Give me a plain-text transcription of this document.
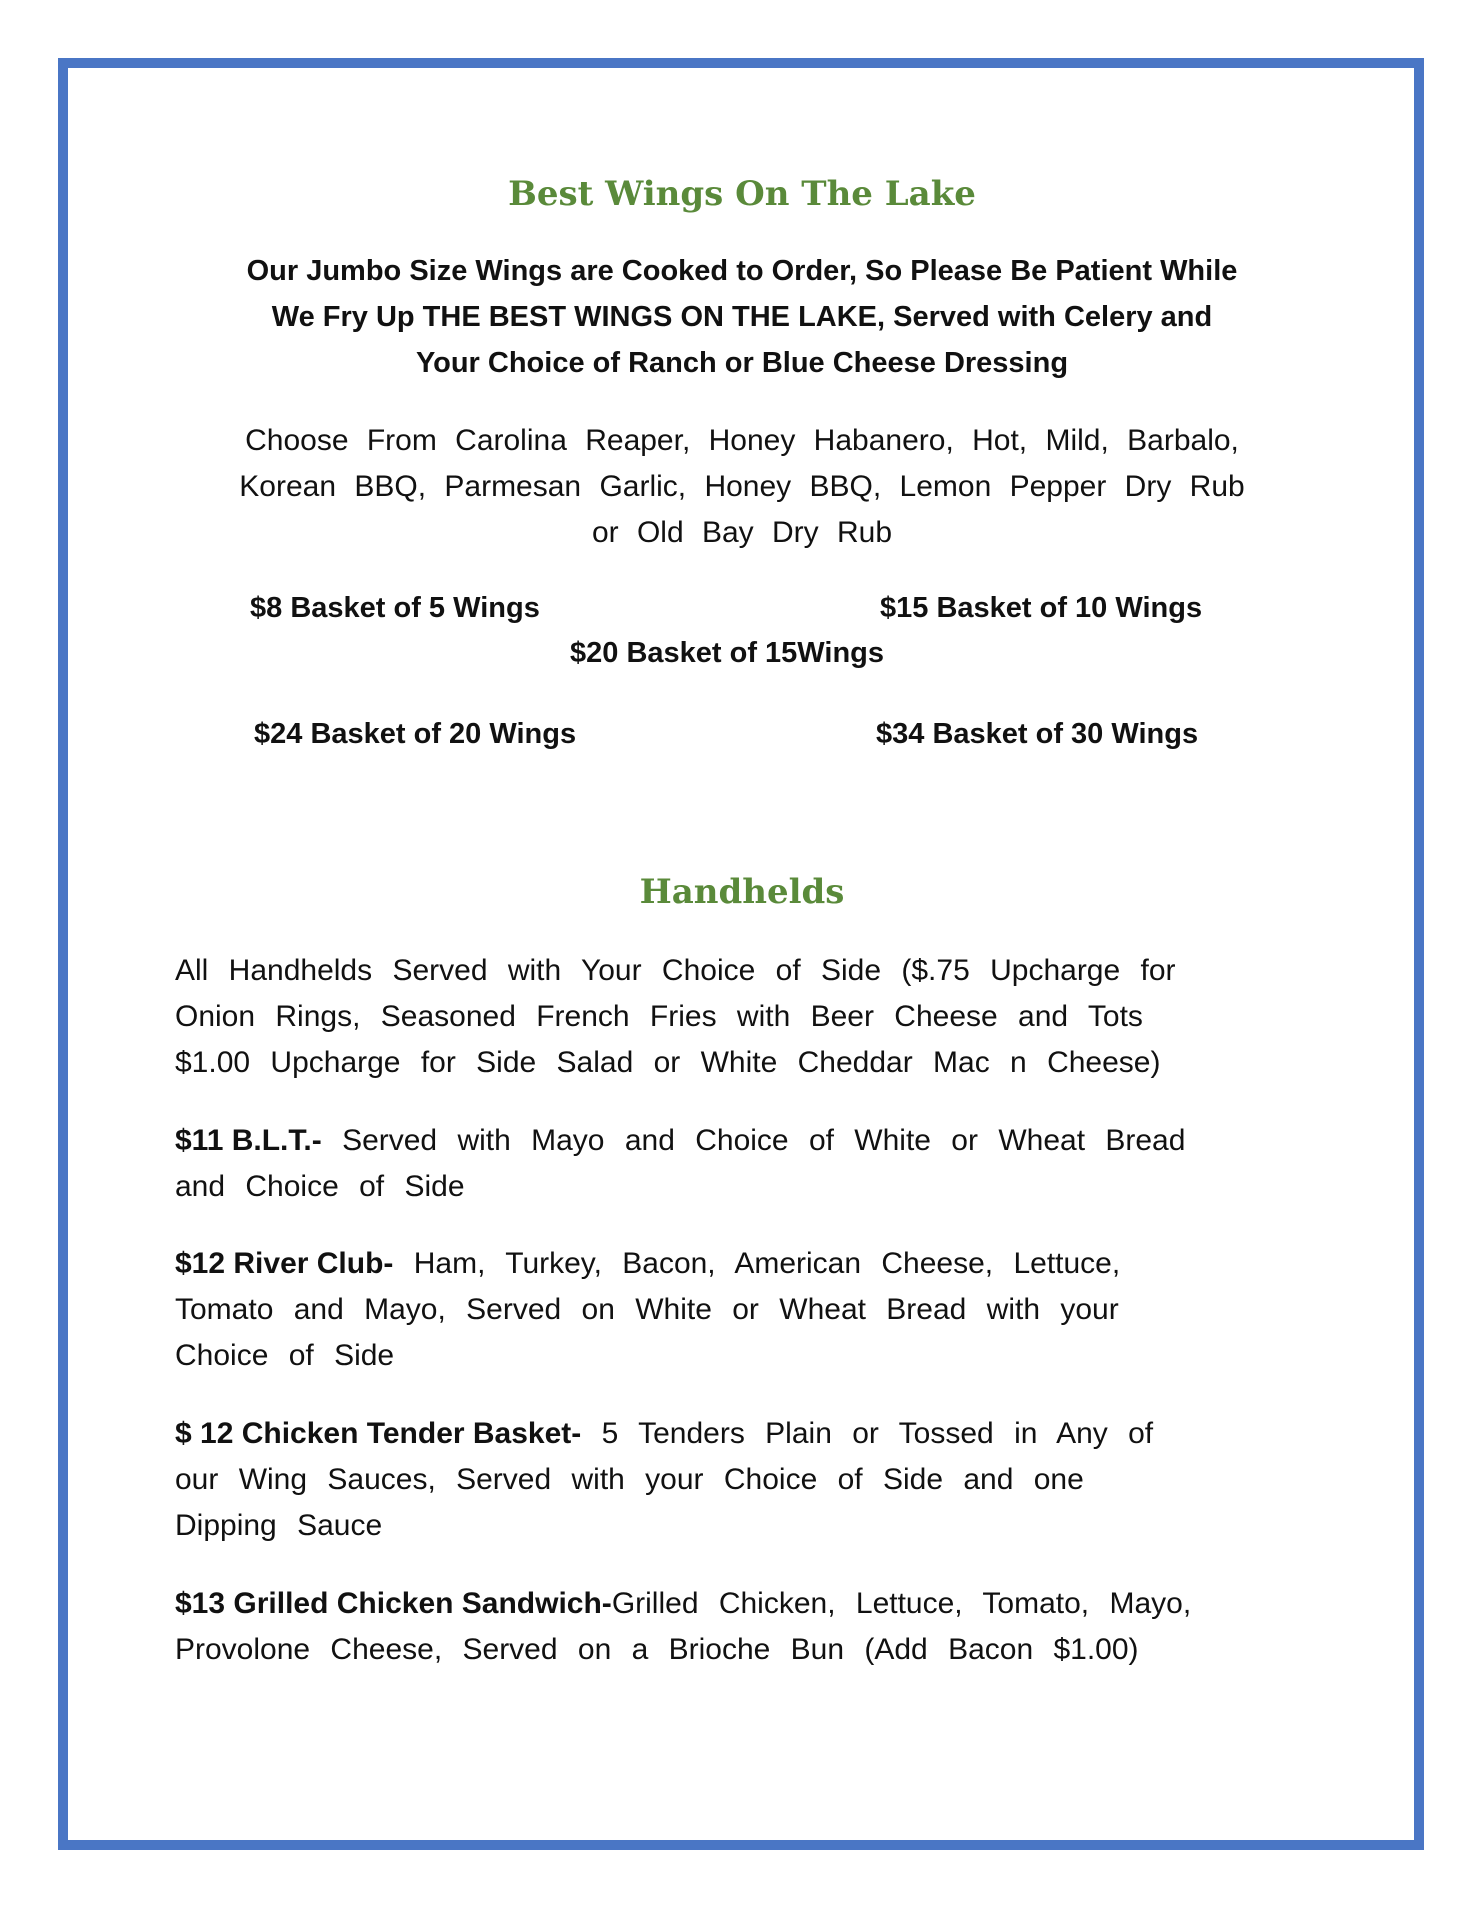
Best Wings On The Lake
Our Jumbo Size Wings are Cooked to Order, So Please Be Patient While
We Fry Up THE BEST WINGS ON THE LAKE, Served with Celery and
Your Choice of Ranch or Blue Cheese Dressing
Choose From Carolina Reaper, Honey Habanero, Hot, Mild, Barbalo,
Korean BBQ, Parmesan Garlic, Honey BBQ, Lemon Pepper Dry Rub
or Old Bay Dry Rub
$8 Basket of 5 Wings	$15 Basket of 10 Wings
$20 Basket of 15Wings
$24 Basket of 20 Wings	$34 Basket of 30 Wings
Handhelds
All Handhelds Served with Your Choice of Side ($.75 Upcharge for
Onion Rings, Seasoned French Fries with Beer Cheese and Tots
$1.00 Upcharge for Side Salad or White Cheddar Mac n Cheese)
$11 B.L.T.- Served with Mayo and Choice of White or Wheat Bread
and Choice of Side
$12 River Club- Ham, Turkey, Bacon, American Cheese, Lettuce,
Tomato and Mayo, Served on White or Wheat Bread with your
Choice of Side
$ 12 Chicken Tender Basket- 5 Tenders Plain or Tossed in Any of
our Wing Sauces, Served with your Choice of Side and one
Dipping Sauce
$13 Grilled Chicken Sandwich-Grilled Chicken, Lettuce, Tomato, Mayo,
Provolone Cheese, Served on a Brioche Bun (Add Bacon $1.00)
